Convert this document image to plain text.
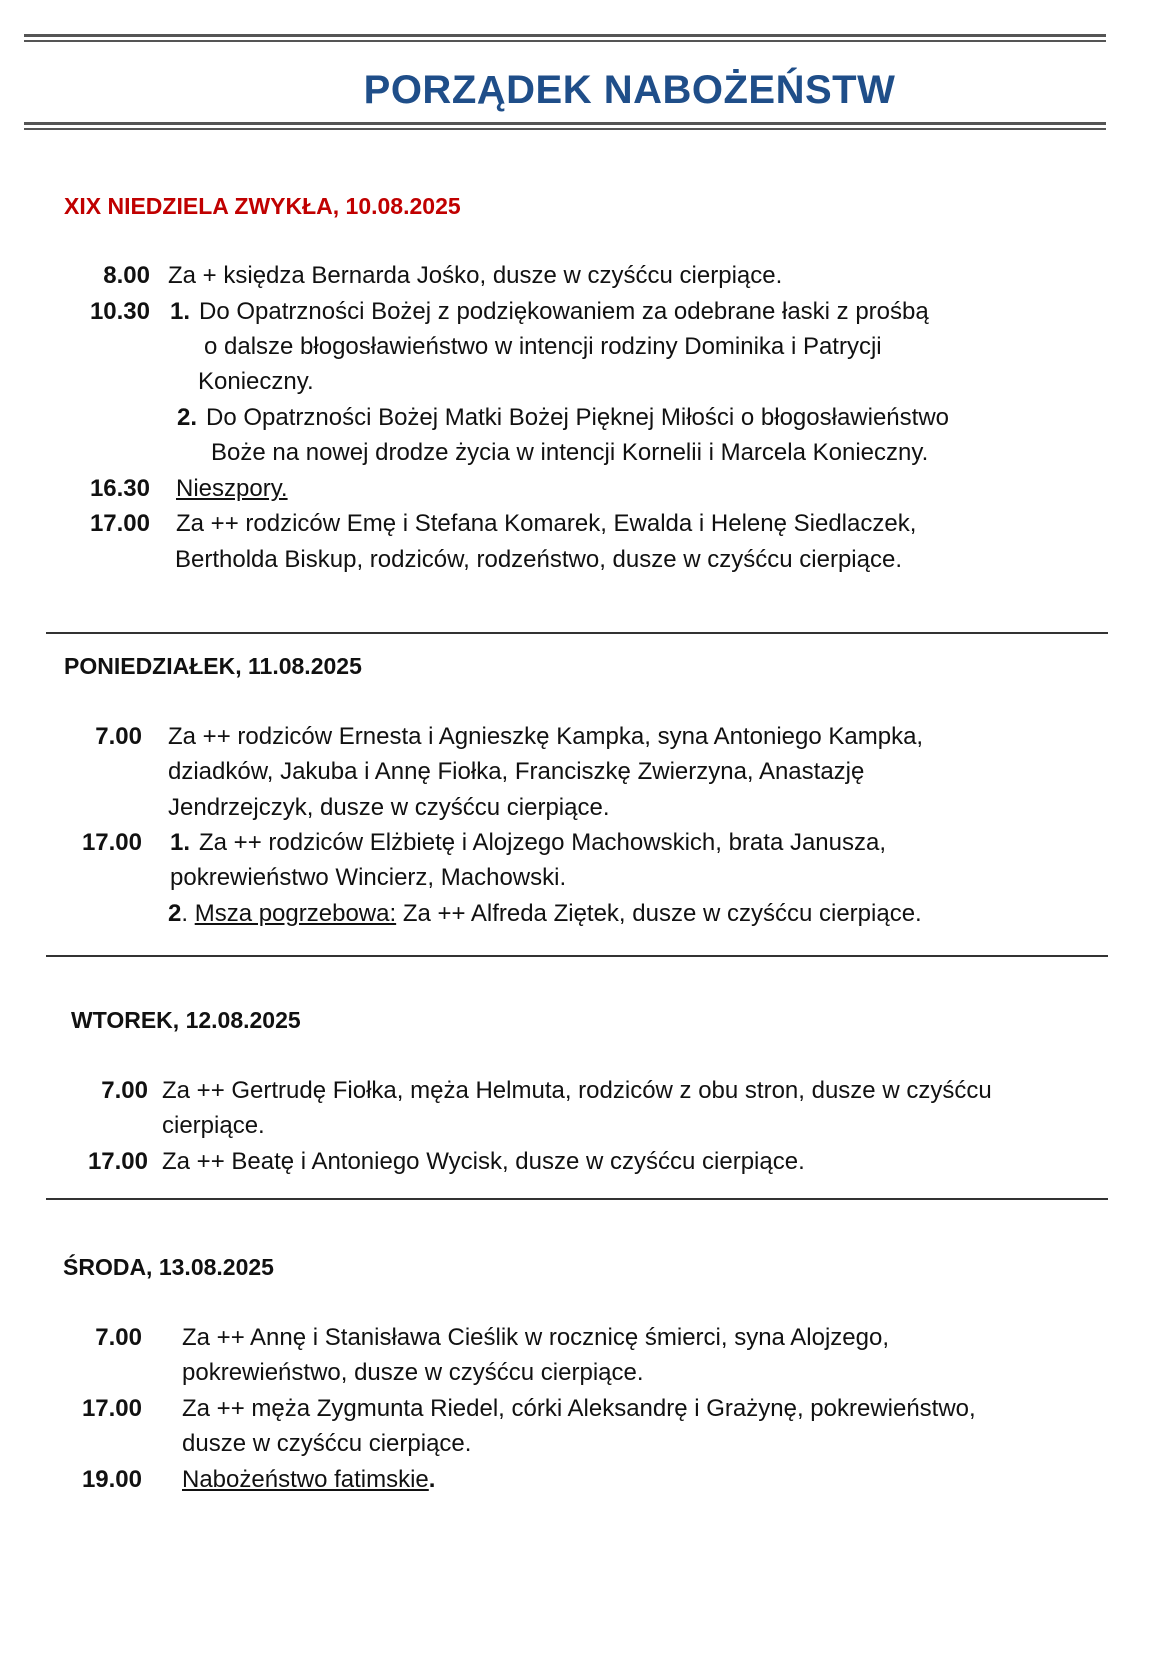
PORZĄDEK NABOŻEŃSTW
XIX NIEDZIELA ZWYKŁA, 10.08.2025
8.00 Za + księdza Bernarda Jośko, dusze w czyśćcu cierpiące.
10.30 1. Do Opatrzności Bożej z podziękowaniem za odebrane łaski z prośbą
o dalsze błogosławieństwo w intencji rodziny Dominika i Patrycji
Konieczny.
2. Do Opatrzności Bożej Matki Bożej Pięknej Miłości o błogosławieństwo
Boże na nowej drodze życia w intencji Kornelii i Marcela Konieczny.
16.30 Nieszpory.
17.00 Za ++ rodziców Emę i Stefana Komarek, Ewalda i Helenę Siedlaczek,
Bertholda Biskup, rodziców, rodzeństwo, dusze w czyśćcu cierpiące.
PONIEDZIAŁEK, 11.08.2025
7.00 Za ++ rodziców Ernesta i Agnieszkę Kampka, syna Antoniego Kampka,
dziadków, Jakuba i Annę Fiołka, Franciszkę Zwierzyna, Anastazję
Jendrzejczyk, dusze w czyśćcu cierpiące.
17.00 1. Za ++ rodziców Elżbietę i Alojzego Machowskich, brata Janusza,
pokrewieństwo Wincierz, Machowski.
2. Msza pogrzebowa: Za ++ Alfreda Ziętek, dusze w czyśćcu cierpiące.
WTOREK, 12.08.2025
7.00 Za ++ Gertrudę Fiołka, męża Helmuta, rodziców z obu stron, dusze w czyśćcu
cierpiące.
17.00 Za ++ Beatę i Antoniego Wycisk, dusze w czyśćcu cierpiące.
ŚRODA, 13.08.2025
7.00 Za ++ Annę i Stanisława Cieślik w rocznicę śmierci, syna Alojzego,
pokrewieństwo, dusze w czyśćcu cierpiące.
17.00 Za ++ męża Zygmunta Riedel, córki Aleksandrę i Grażynę, pokrewieństwo,
dusze w czyśćcu cierpiące.
19.00 Nabożeństwo fatimskie.
